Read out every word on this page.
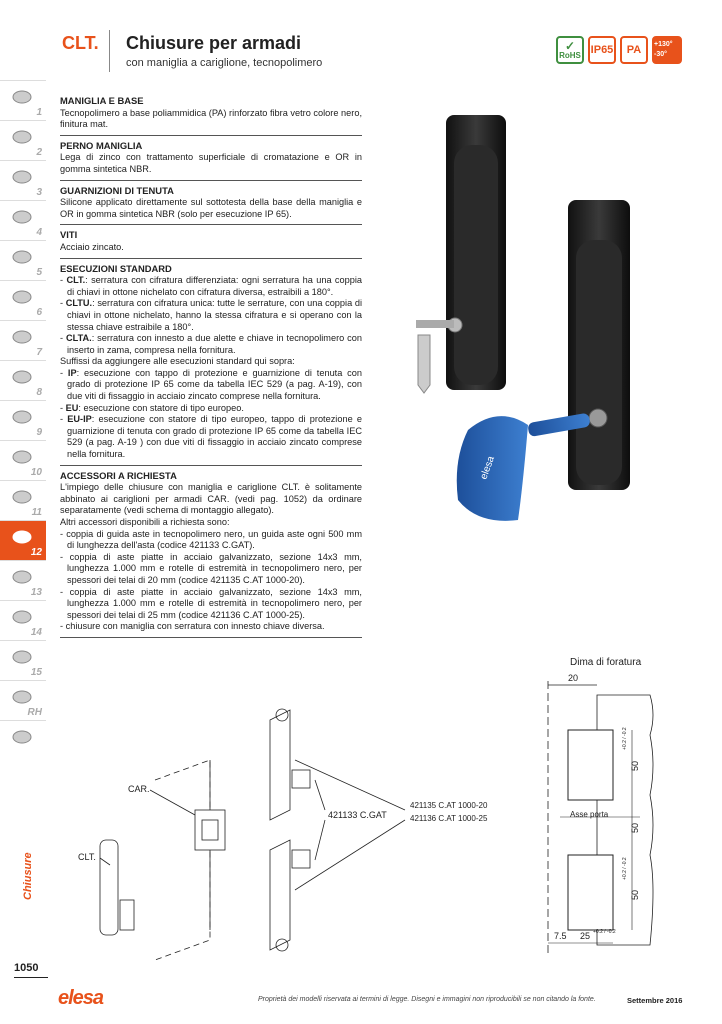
CLT. Chiusure per armadi
con maniglia a cariglione, tecnopolimero
✓
RoHS IP65	PA	+130° -30°
1
2
3
4
5
6
7
8
9
10
11
12
13
14
15
RH
Chiusure
1050
MANIGLIA E BASE

Tecnopolimero a base poliammidica (PA) rinforzato fibra vetro colore nero, finitura mat.

PERNO MANIGLIA

Lega di zinco con trattamento superficiale di cromatazione e OR in gomma sintetica NBR.

GUARNIZIONI DI TENUTA

Silicone applicato direttamente sul sottotesta della base della maniglia e OR in gomma sintetica NBR (solo per esecuzione IP 65).

VITI

Acciaio zincato.

ESECUZIONI STANDARD
- CLT.: serratura con cifratura differenziata: ogni serratura ha una coppia di chiavi in ottone nichelato con cifratura diversa, estraibili a 180°.
- CLTU.: serratura con cifratura unica: tutte le serrature, con una coppia di chiavi in ottone nichelato, hanno la stessa cifratura e si operano con la stessa chiave estraibile a 180°.
- CLTA.: serratura con innesto a due alette e chiave in tecnopolimero con inserto in zama, compresa nella fornitura.

Suffissi da aggiungere alle esecuzioni standard qui sopra:

- IP: esecuzione con tappo di protezione e guarnizione di tenuta con grado di protezione IP 65 come da tabella IEC 529 (a pag. A-19), con due viti di fissaggio in acciaio zincato comprese nella fornitura.
- EU: esecuzione con statore di tipo europeo.
- EU-IP: esecuzione con statore di tipo europeo, tappo di protezione e guarnizione di tenuta con grado di protezione IP 65 come da tabella IEC 529 (a pag. A-19 ) con due viti di fissaggio in acciaio zincato comprese nella fornitura.
ACCESSORI A RICHIESTA

L'impiego delle chiusure con maniglia e cariglione CLT. è solitamente abbinato ai cariglioni per armadi CAR. (vedi pag. 1052) da ordinare separatamente (vedi schema di montaggio allegato).

Altri accessori disponibili a richiesta sono:

- coppia di guida aste in tecnopolimero nero, un guida aste ogni 500 mm di lunghezza dell'asta (codice 421133 C.GAT).
- coppia di aste piatte in acciaio galvanizzato, sezione 14x3 mm, lunghezza 1.000 mm e rotelle di estremità in tecnopolimero nero, per spessori dei telai di 20 mm (codice 421135 C.AT 1000-20).
- coppia di aste piatte in acciaio galvanizzato, sezione 14x3 mm, lunghezza 1.000 mm e rotelle di estremità in tecnopolimero nero, per spessori dei telai di 25 mm (codice 421136 C.AT 1000-25).
- chiusure con maniglia con serratura con innesto chiave diversa.
elesa
Dima di foratura
20
Asse porta
50
+0.2 / -0.2
50
50
+0.2 / -0.2
7.5 25 +0.2 / -0.2
CAR.
CLT.
421133 C.GAT
421135 C.AT 1000-20
421136 C.AT 1000-25
elesa	Proprietà dei modelli riservata ai termini di legge. Disegni e immagini non riproducibili se non citando la fonte.	Settembre 2016
